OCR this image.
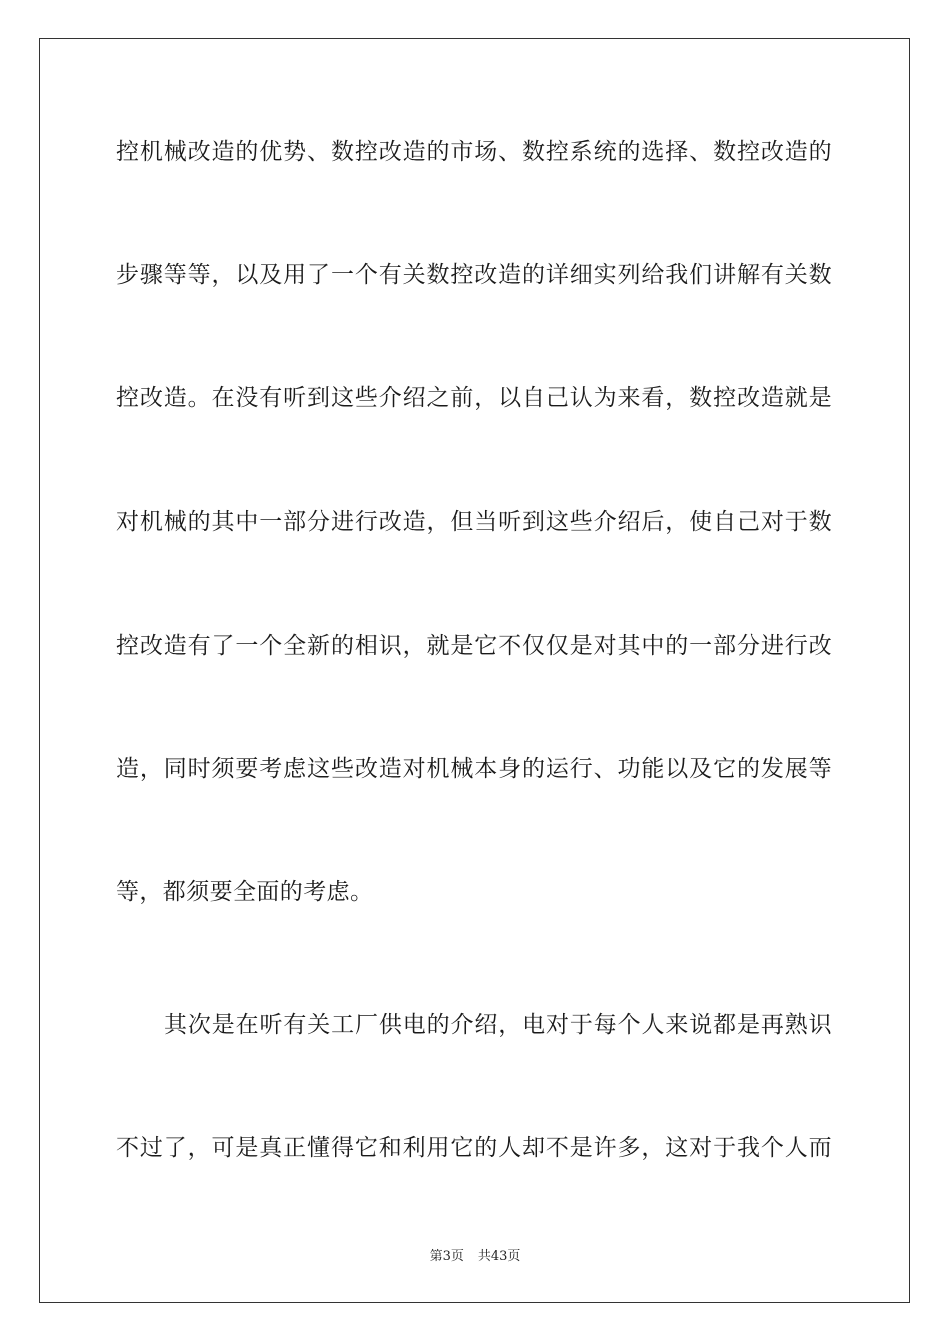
控机械改造的优势、数控改造的市场、数控系统的选择、数控改造的
步骤等等，以及用了一个有关数控改造的详细实列给我们讲解有关数
控改造。在没有听到这些介绍之前，以自己认为来看，数控改造就是
对机械的其中一部分进行改造，但当听到这些介绍后，使自己对于数
控改造有了一个全新的相识，就是它不仅仅是对其中的一部分进行改
造，同时须要考虑这些改造对机械本身的运行、功能以及它的发展等
等，都须要全面的考虑。
其次是在听有关工厂供电的介绍，电对于每个人来说都是再熟识
不过了，可是真正懂得它和利用它的人却不是许多，这对于我个人而
第3页 共43页
